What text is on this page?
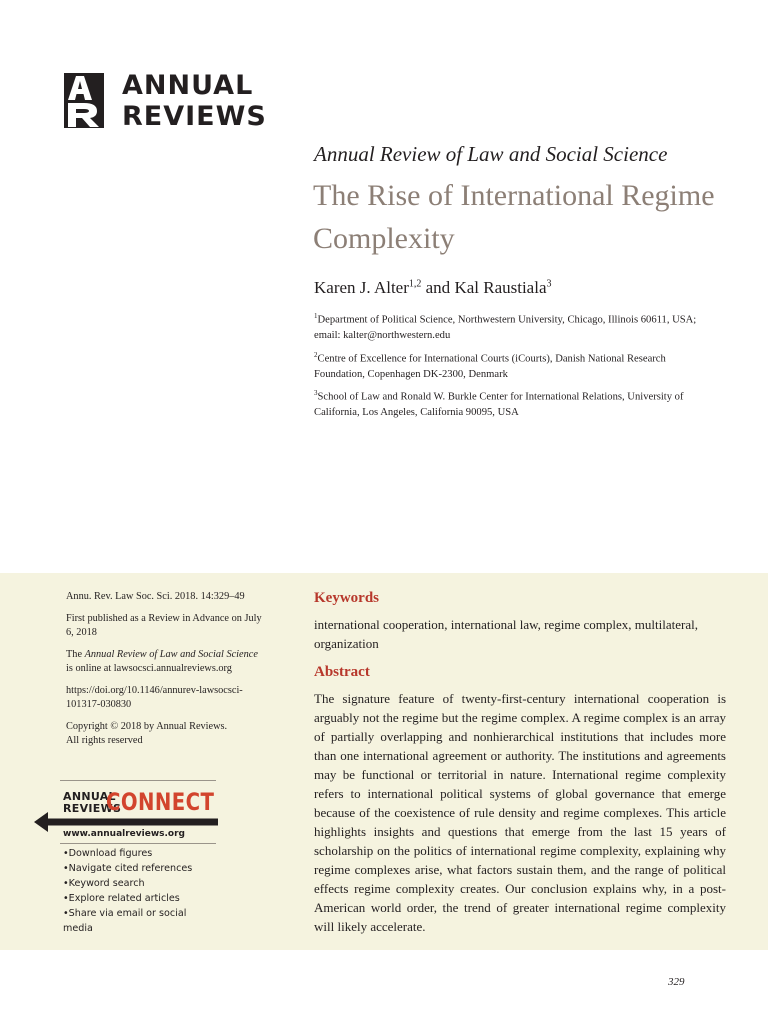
ANNUAL
REVIEWS
Annual Review of Law and Social Science
The Rise of International Regime Complexity
Karen J. Alter$^{1,2}$ and Kal Raustiala$^3$
$^1$Department of Political Science, Northwestern University, Chicago, Illinois 60611, USA; email: kalter@northwestern.edu
$^2$Centre of Excellence for International Courts (iCourts), Danish National Research Foundation, Copenhagen DK-2300, Denmark
$^3$School of Law and Ronald W. Burkle Center for International Relations, University of California, Los Angeles, California 90095, USA

Annu. Rev. Law Soc. Sci. 2018. 14:329–49

First published as a Review in Advance on July 6, 2018

The Annual Review of Law and Social Science is online at lawsocsci.annualreviews.org

https://doi.org/10.1146/annurev-lawsocsci-101317-030830

Copyright © 2018 by Annual Reviews.
All rights reserved

ANNUAL
REVIEWS
CONNECT
www.annualreviews.org
• Download figures
• Navigate cited references
• Keyword search
• Explore related articles
• Share via email or social media
Keywords
international cooperation, international law, regime complex, multilateral, organization
Abstract
The signature feature of twenty-first-century international cooperation is arguably not the regime but the regime complex. A regime complex is an array of partially overlapping and nonhierarchical institutions that includes more than one international agreement or authority. The institutions and agreements may be functional or territorial in nature. International regime complexity refers to international political systems of global governance that emerge because of the coexistence of rule density and regime complexes. This article highlights insights and questions that emerge from the last 15 years of scholarship on the politics of international regime complexity, explaining why regime complexes arise, what factors sustain them, and the range of political effects regime complexity creates. Our conclusion explains why, in a post-American world order, the trend of greater international regime complexity will likely accelerate.
329
